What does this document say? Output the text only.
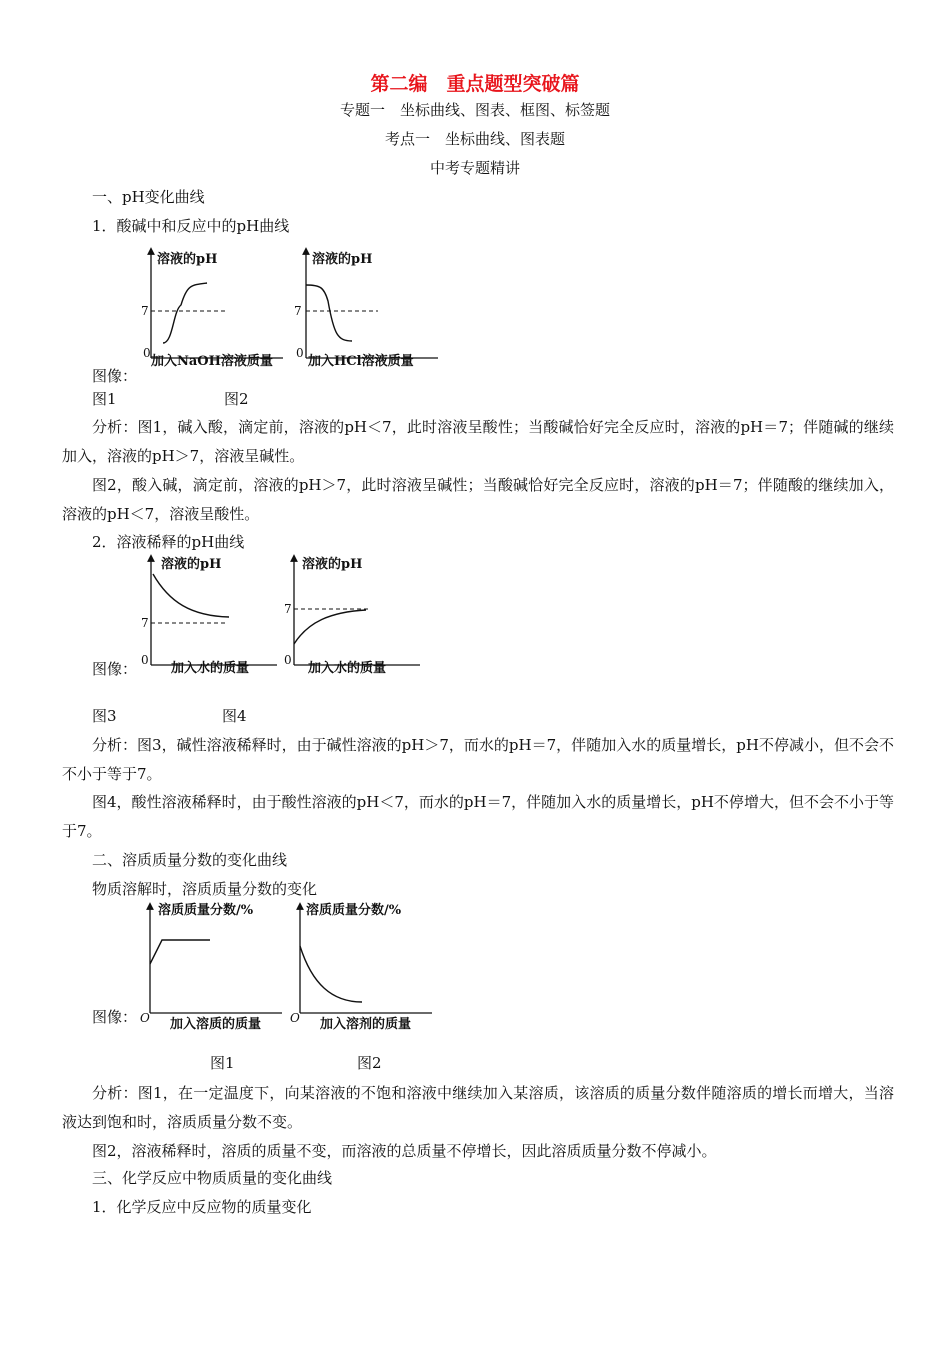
第二编　重点题型突破篇
专题一　坐标曲线、图表、框图、标签题
考点一　坐标曲线、图表题
中考专题精讲
一、pH变化曲线
1．酸碱中和反应中的pH曲线
溶液的pH
7
0
加入NaOH溶液质量
溶液的pH
7
0
加入HCl溶液质量
图像：
图1	图2
分析：图1，碱入酸，滴定前，溶液的pH＜7，此时溶液呈酸性；当酸碱恰好完全反应时，溶液的pH＝7；伴随碱的继续加入，溶液的pH＞7，溶液呈碱性。
图2，酸入碱，滴定前，溶液的pH＞7，此时溶液呈碱性；当酸碱恰好完全反应时，溶液的pH＝7；伴随酸的继续加入，溶液的pH＜7，溶液呈酸性。
2．溶液稀释的pH曲线
溶液的pH
7
0
加入水的质量
溶液的pH
7
0
加入水的质量
图像：
图3	图4
分析：图3，碱性溶液稀释时，由于碱性溶液的pH＞7，而水的pH＝7，伴随加入水的质量增长，pH不停减小，但不会不不小于等于7。
图4，酸性溶液稀释时，由于酸性溶液的pH＜7，而水的pH＝7，伴随加入水的质量增长，pH不停增大，但不会不小于等于7。
二、溶质质量分数的变化曲线
物质溶解时，溶质质量分数的变化
溶质质量分数/%
O 加入溶质的质量
溶质质量分数/%
O 加入溶剂的质量
图像：
图1	图2
分析：图1，在一定温度下，向某溶液的不饱和溶液中继续加入某溶质，该溶质的质量分数伴随溶质的增长而增大，当溶液达到饱和时，溶质质量分数不变。
图2，溶液稀释时，溶质的质量不变，而溶液的总质量不停增长，因此溶质质量分数不停减小。
三、化学反应中物质质量的变化曲线
1．化学反应中反应物的质量变化
